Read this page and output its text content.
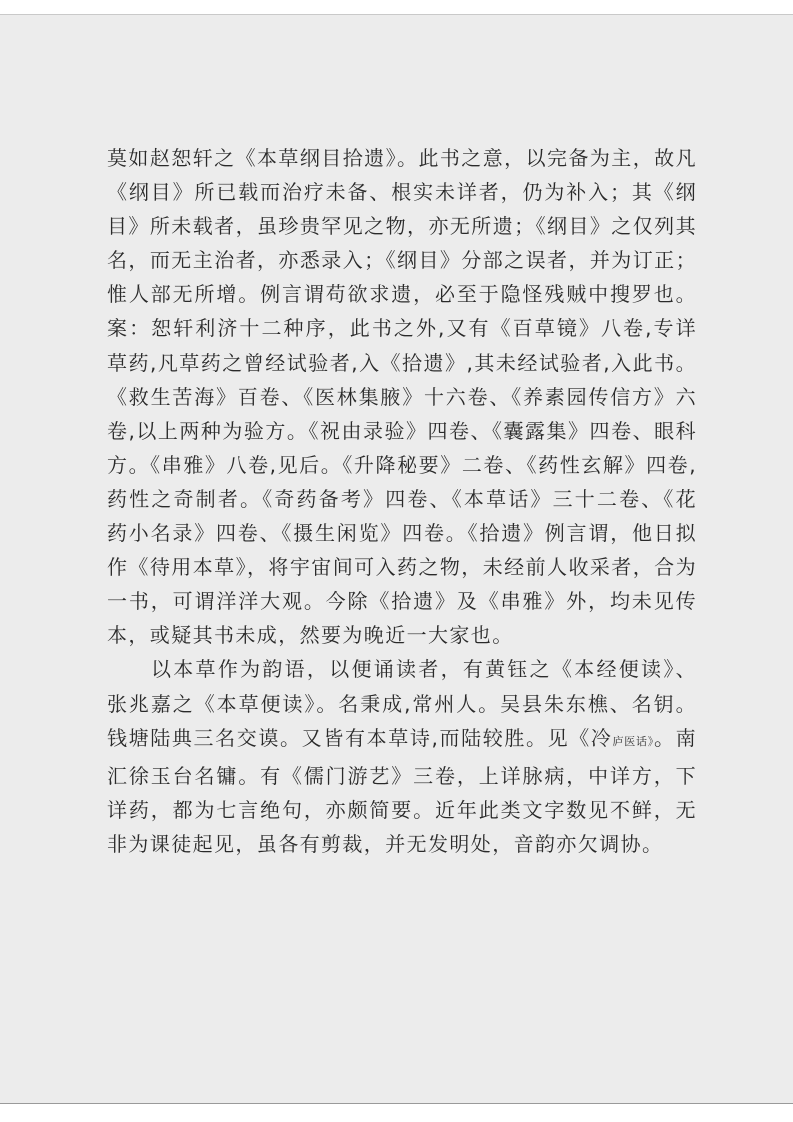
莫如赵恕轩之《本草纲目拾遗》。此书之意，以完备为主，故凡《纲目》所已载而治疗未备、根实未详者，仍为补入；其《纲目》所未载者，虽珍贵罕见之物，亦无所遗；《纲目》之仅列其名，而无主治者，亦悉录入；《纲目》分部之误者，并为订正；惟人部无所增。例言谓苟欲求遗，必至于隐怪残贼中搜罗也。案：恕轩利济十二种序，此书之外,又有《百草镜》八卷,专详草药,凡草药之曾经试验者,入《拾遗》,其未经试验者,入此书。《救生苦海》百卷、《医林集腋》十六卷、《养素园传信方》六卷,以上两种为验方。《祝由录验》四卷、《囊露集》四卷、眼科方。《串雅》八卷,见后。《升降秘要》二卷、《药性玄解》四卷,药性之奇制者。《奇药备考》四卷、《本草话》三十二卷、《花药小名录》四卷、《摄生闲览》四卷。《拾遗》例言谓，他日拟作《待用本草》，将宇宙间可入药之物，未经前人收采者，合为一书，可谓洋洋大观。今除《拾遗》及《串雅》外，均未见传本，或疑其书未成，然要为晚近一大家也。

以本草作为韵语，以便诵读者，有黄钰之《本经便读》、张兆嘉之《本草便读》。名秉成,常州人。吴县朱东樵、名钥。钱塘陆典三名交谟。又皆有本草诗,而陆较胜。见《冷庐医话》。南汇徐玉台名镛。有《儒门游艺》三卷，上详脉病，中详方，下详药，都为七言绝句，亦颇简要。近年此类文字数见不鲜，无非为课徒起见，虽各有剪裁，并无发明处，音韵亦欠调协。
